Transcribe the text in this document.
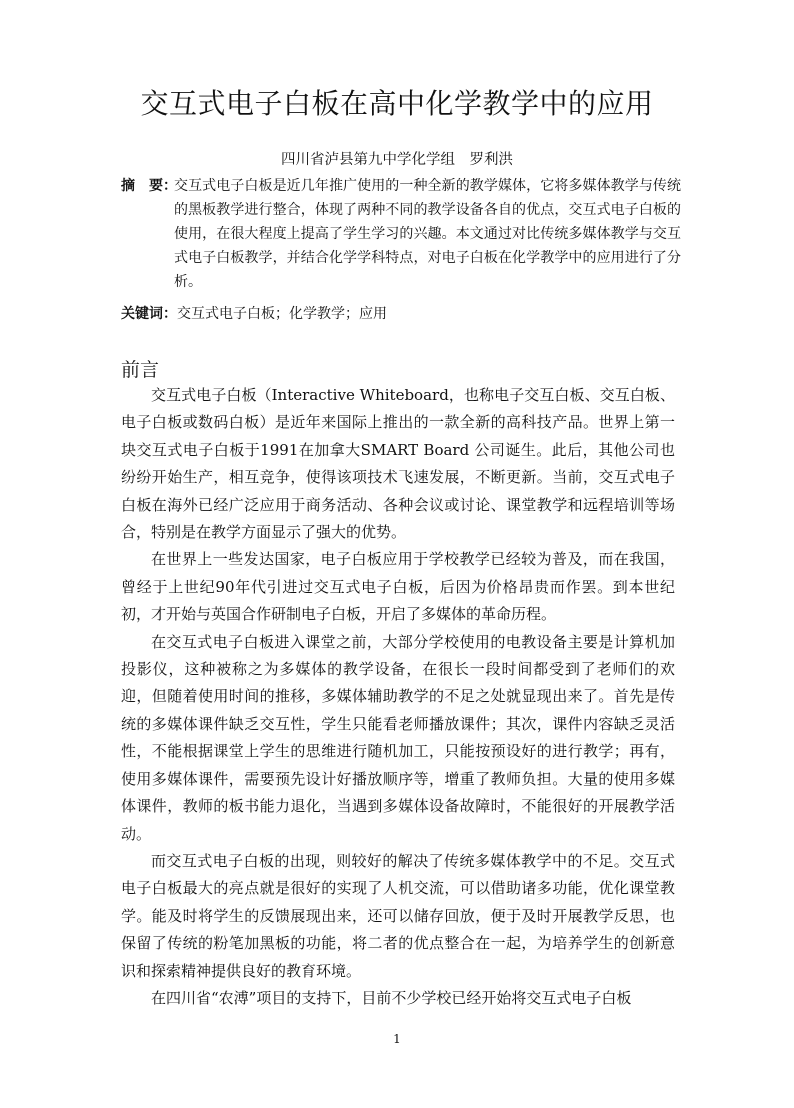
交互式电子白板在高中化学教学中的应用
四川省泸县第九中学化学组　罗利洪
摘　要：
交互式电子白板是近几年推广使用的一种全新的教学媒体，它将多媒体教学与传统的黑板教学进行整合，体现了两种不同的教学设备各自的优点，交互式电子白板的使用，在很大程度上提高了学生学习的兴趣。本文通过对比传统多媒体教学与交互式电子白板教学，并结合化学学科特点，对电子白板在化学教学中的应用进行了分析。
关键词：交互式电子白板；化学教学；应用
前言

交互式电子白板（Interactive Whiteboard，也称电子交互白板、交互白板、电子白板或数码白板）是近年来国际上推出的一款全新的高科技产品。世界上第一块交互式电子白板于1991在加拿大SMART Board 公司诞生。此后，其他公司也纷纷开始生产，相互竞争，使得该项技术飞速发展，不断更新。当前，交互式电子白板在海外已经广泛应用于商务活动、各种会议或讨论、课堂教学和远程培训等场合，特别是在教学方面显示了强大的优势。

在世界上一些发达国家，电子白板应用于学校教学已经较为普及，而在我国，曾经于上世纪90年代引进过交互式电子白板，后因为价格昂贵而作罢。到本世纪初，才开始与英国合作研制电子白板，开启了多媒体的革命历程。

在交互式电子白板进入课堂之前，大部分学校使用的电教设备主要是计算机加投影仪，这种被称之为多媒体的教学设备，在很长一段时间都受到了老师们的欢迎，但随着使用时间的推移，多媒体辅助教学的不足之处就显现出来了。首先是传统的多媒体课件缺乏交互性，学生只能看老师播放课件；其次，课件内容缺乏灵活性，不能根据课堂上学生的思维进行随机加工，只能按预设好的进行教学；再有，使用多媒体课件，需要预先设计好播放顺序等，增重了教师负担。大量的使用多媒体课件，教师的板书能力退化，当遇到多媒体设备故障时，不能很好的开展教学活动。

而交互式电子白板的出现，则较好的解决了传统多媒体教学中的不足。交互式电子白板最大的亮点就是很好的实现了人机交流，可以借助诸多功能，优化课堂教学。能及时将学生的反馈展现出来，还可以储存回放，便于及时开展教学反思，也保留了传统的粉笔加黑板的功能，将二者的优点整合在一起，为培养学生的创新意识和探索精神提供良好的教育环境。

在四川省“农溥”项目的支持下，目前不少学校已经开始将交互式电子白板

1
